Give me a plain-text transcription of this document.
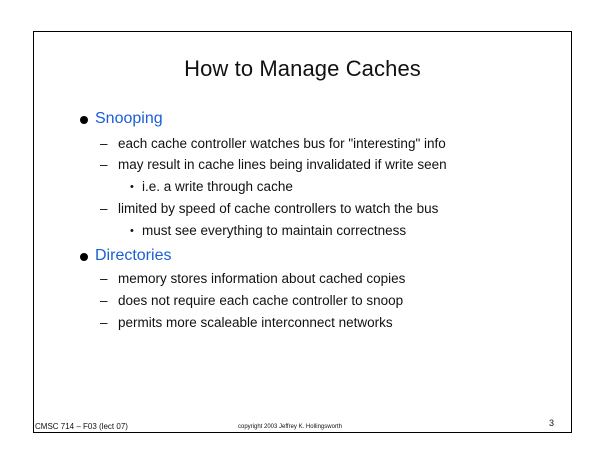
How to Manage Caches
Snooping
– each cache controller watches bus for "interesting" info
– may result in cache lines being invalidated if write seen
• i.e. a write through cache
– limited by speed of cache controllers to watch the bus
• must see everything to maintain correctness
Directories
– memory stores information about cached copies
– does not require each cache controller to snoop
– permits more scaleable interconnect networks
CMSC 714 – F03 (lect 07)	copyright 2003 Jeffrey K. Hollingsworth	3
